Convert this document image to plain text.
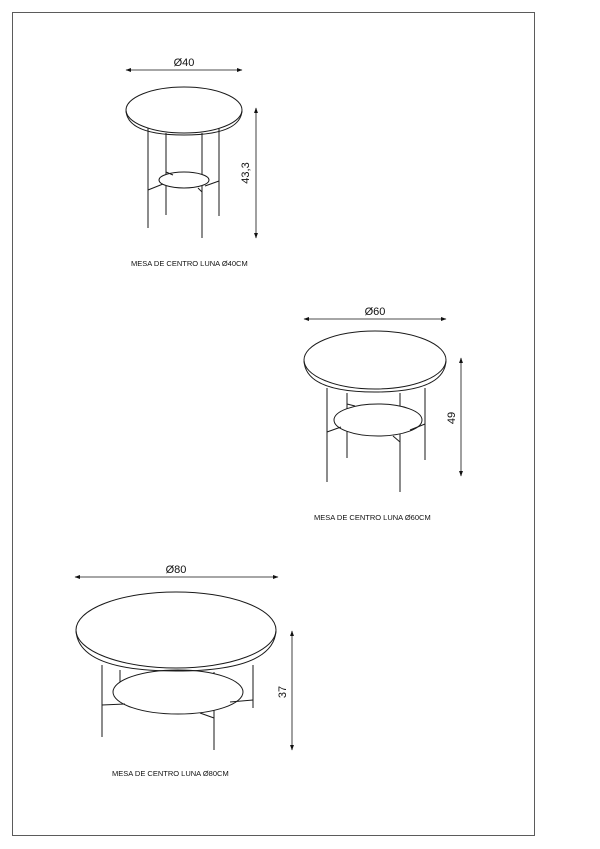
Ø40
43,3
MESA DE CENTRO LUNA Ø40CM
Ø60
49
MESA DE CENTRO LUNA Ø60CM
Ø80
37
MESA DE CENTRO LUNA Ø80CM
